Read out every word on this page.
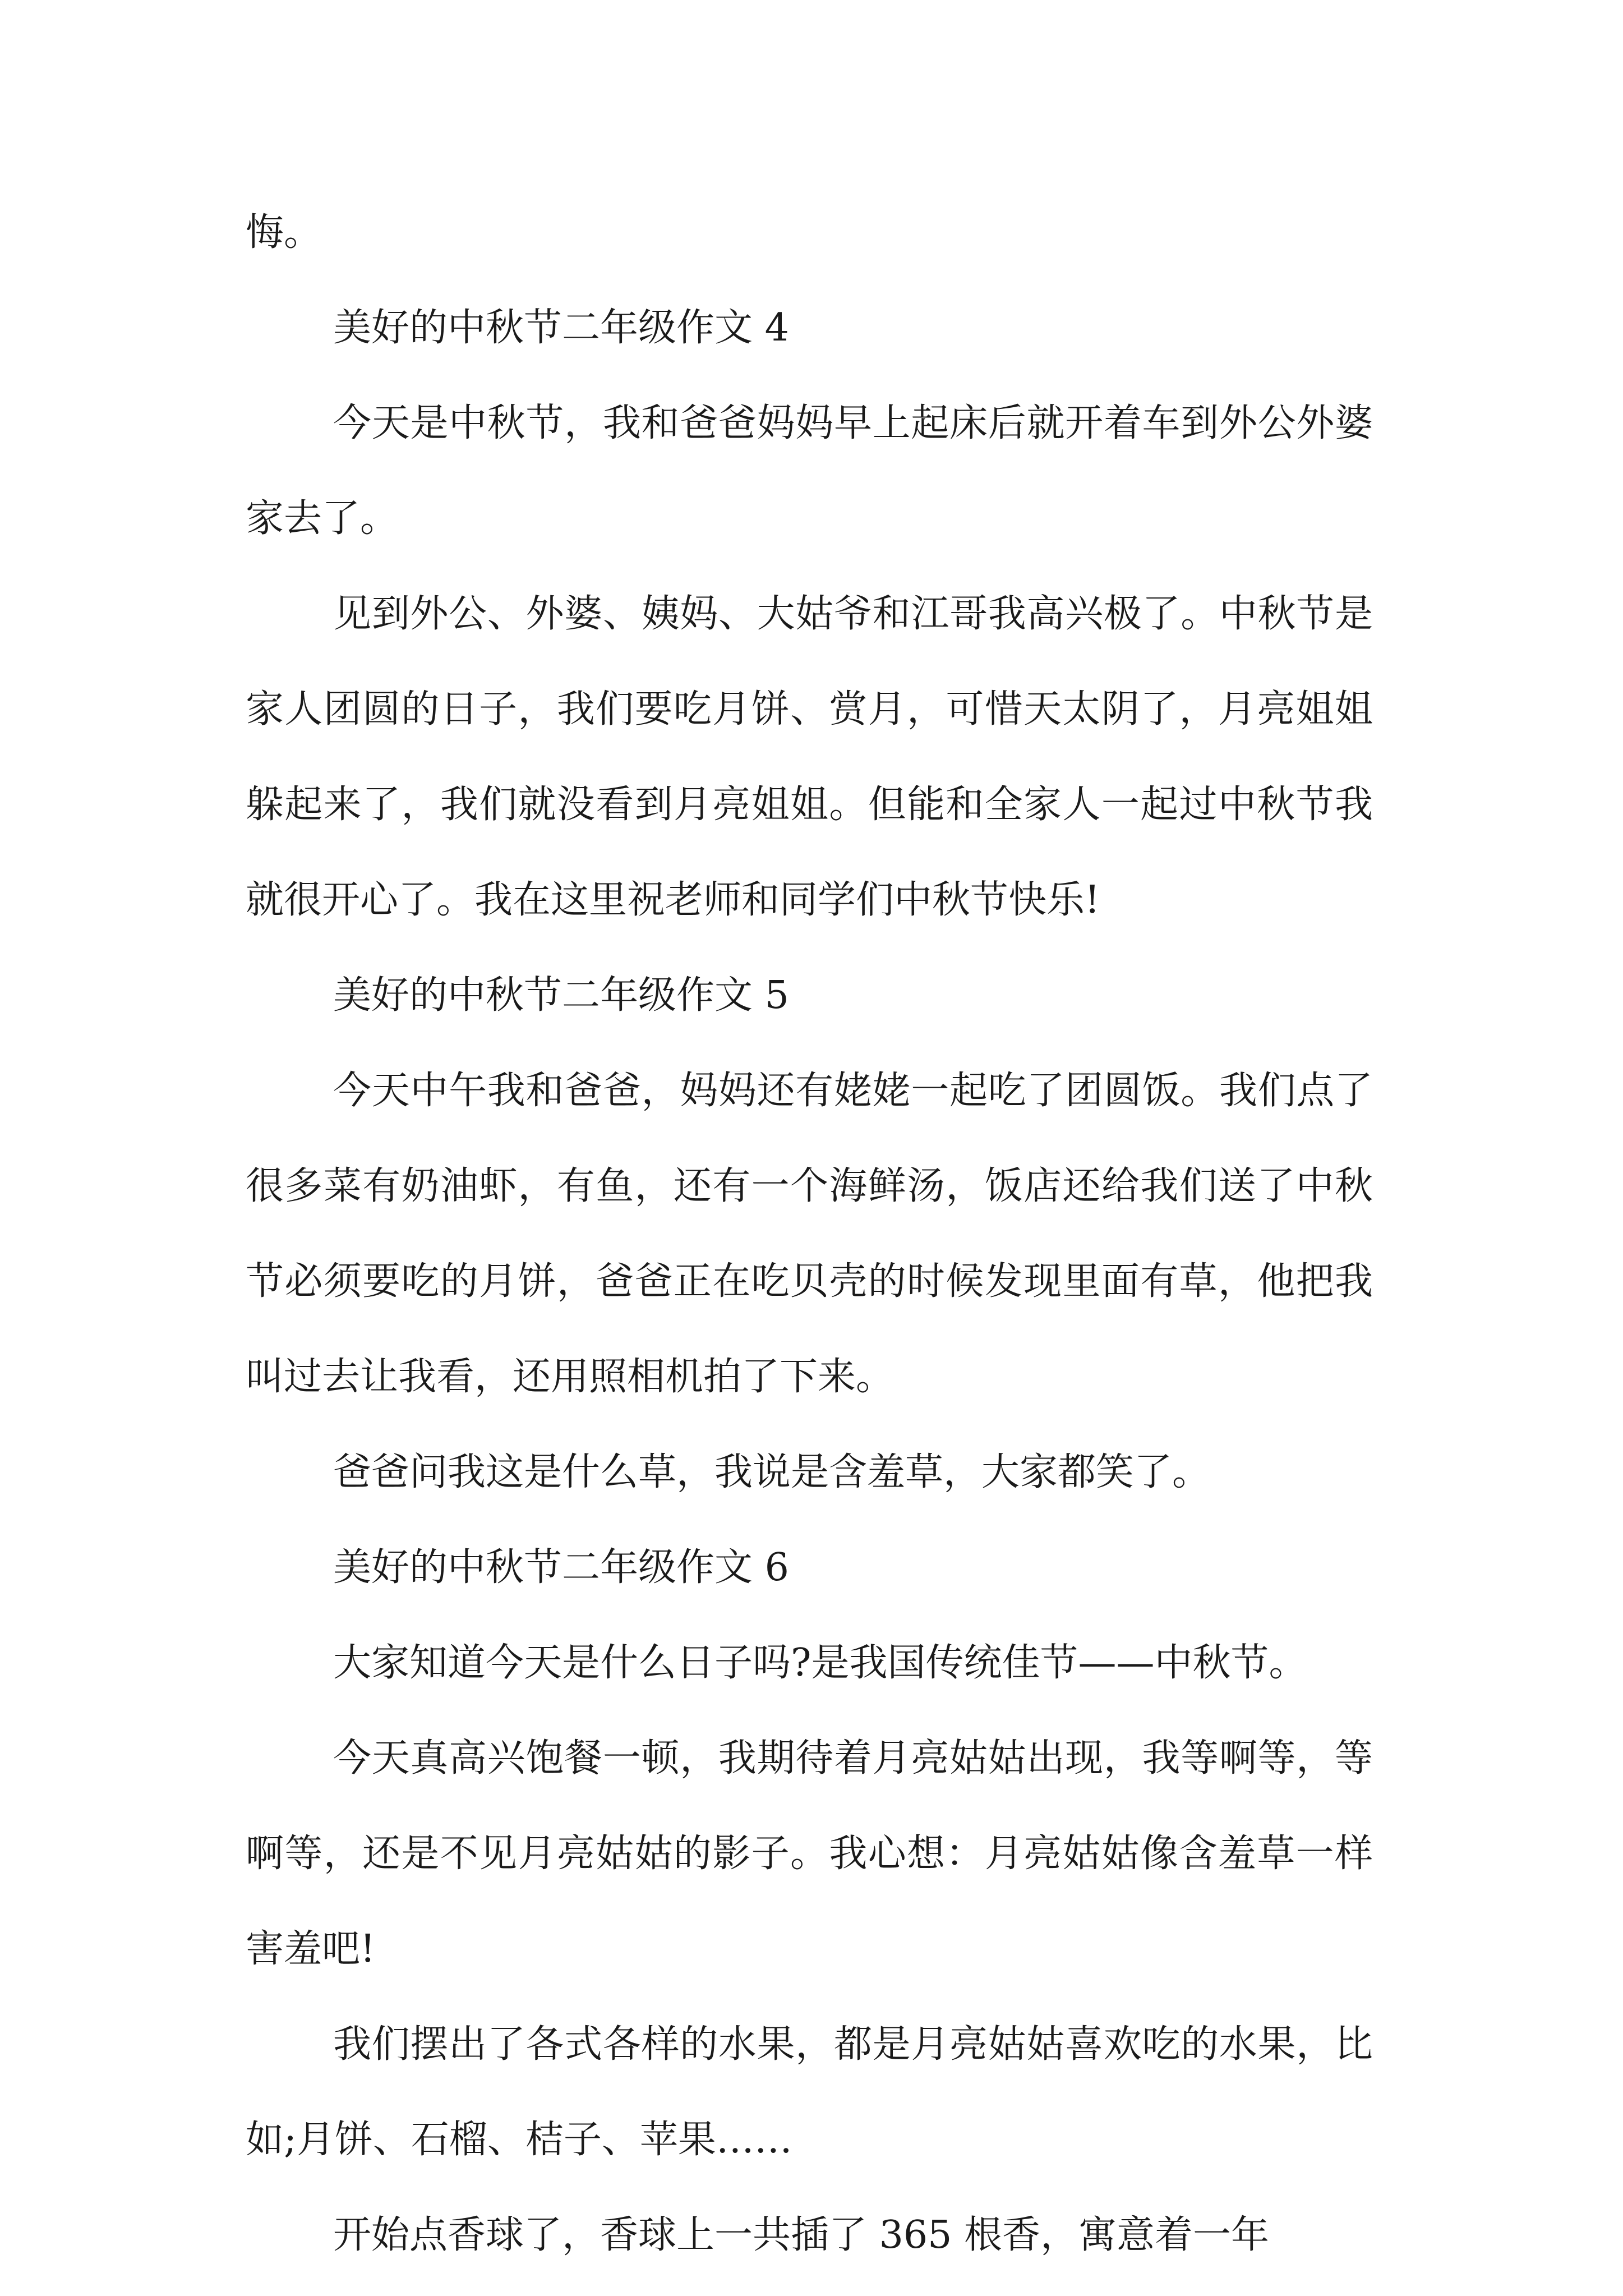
悔。

美好的中秋节二年级作文 4

今天是中秋节，我和爸爸妈妈早上起床后就开着车到外公外婆家去了。

见到外公、外婆、姨妈、大姑爷和江哥我高兴极了。中秋节是家人团圆的日子，我们要吃月饼、赏月，可惜天太阴了，月亮姐姐躲起来了，我们就没看到月亮姐姐。但能和全家人一起过中秋节我就很开心了。我在这里祝老师和同学们中秋节快乐!

美好的中秋节二年级作文 5

今天中午我和爸爸，妈妈还有姥姥一起吃了团圆饭。我们点了很多菜有奶油虾，有鱼，还有一个海鲜汤，饭店还给我们送了中秋节必须要吃的月饼，爸爸正在吃贝壳的时候发现里面有草，他把我叫过去让我看，还用照相机拍了下来。

爸爸问我这是什么草，我说是含羞草，大家都笑了。

美好的中秋节二年级作文 6

大家知道今天是什么日子吗?是我国传统佳节——中秋节。

今天真高兴饱餐一顿，我期待着月亮姑姑出现，我等啊等，等啊等，还是不见月亮姑姑的影子。我心想：月亮姑姑像含羞草一样害羞吧!

我们摆出了各式各样的水果，都是月亮姑姑喜欢吃的水果，比如;月饼、石榴、桔子、苹果……

开始点香球了，香球上一共插了 365 根香，寓意着一年
